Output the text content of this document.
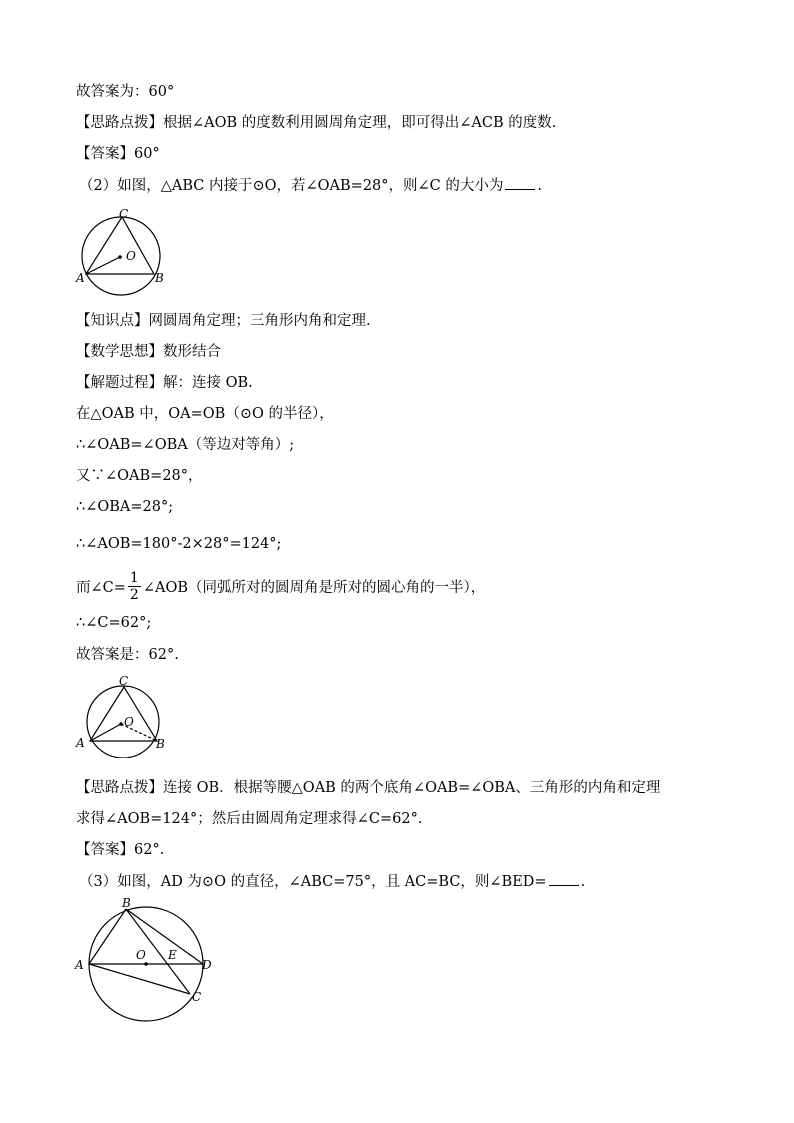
故答案为：60°
【思路点拨】根据∠AOB 的度数利用圆周角定理，即可得出∠ACB 的度数.
【答案】60°
（2）如图，△ABC 内接于⊙O，若∠OAB=28°，则∠C 的大小为 .
C
A	B
O
【知识点】网圆周角定理；三角形内角和定理.
【数学思想】数形结合
【解题过程】解：连接 OB.
在△OAB 中，OA=OB（⊙O 的半径），
∴∠OAB=∠OBA（等边对等角）;
又∵∠OAB=28°，
∴∠OBA=28°;
∴∠AOB=180°-2×28°=124°;
而∠C= $\frac{1}{2}$ ∠AOB（同弧所对的圆周角是所对的圆心角的一半），
∴∠C=62°;
故答案是：62°.
C
A	B
O
【思路点拨】连接 OB．根据等腰△OAB 的两个底角∠OAB=∠OBA、三角形的内角和定理
求得∠AOB=124°；然后由圆周角定理求得∠C=62°.
【答案】62°.
（3）如图，AD 为⊙O 的直径，∠ABC=75°，且 AC=BC，则∠BED= .
B
A
O E
D
C
